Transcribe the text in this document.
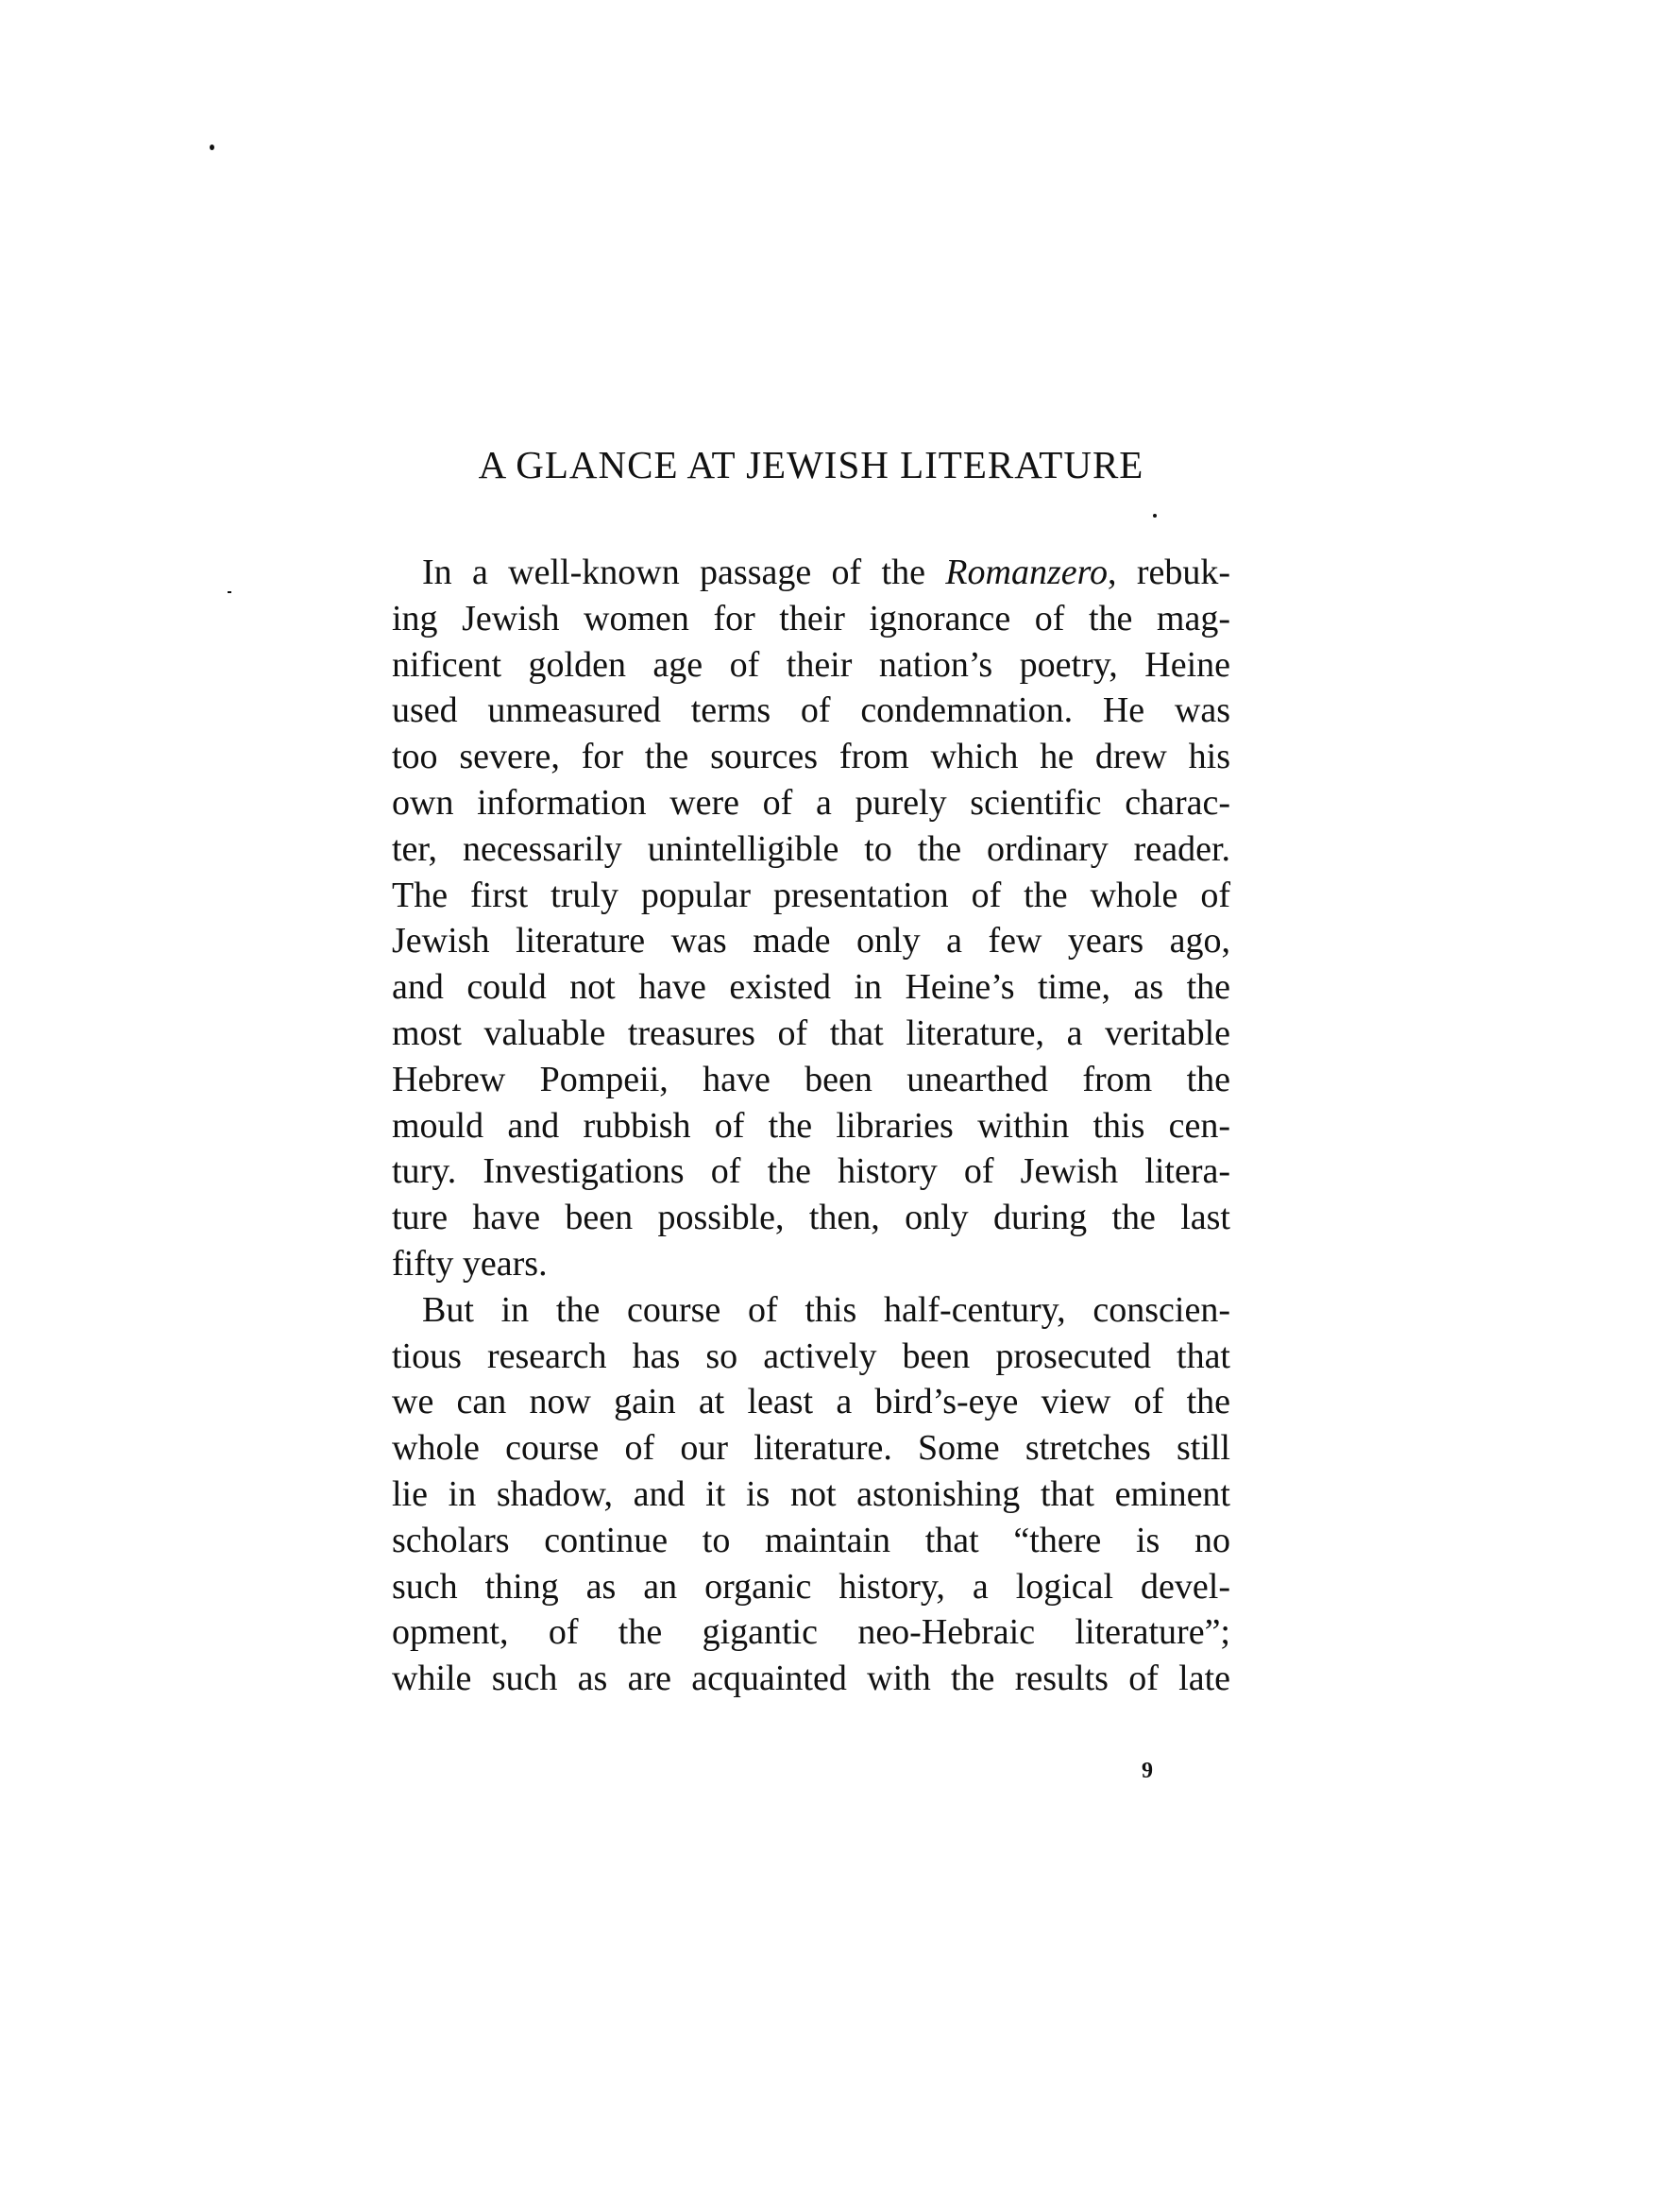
A GLANCE AT JEWISH LITERATURE
In a well-known passage of the Romanzero, rebuk-
ing Jewish women for their ignorance of the mag-
nificent golden age of their nation’s poetry, Heine
used unmeasured terms of condemnation. He was
too severe, for the sources from which he drew his
own information were of a purely scientific charac-
ter, necessarily unintelligible to the ordinary reader.
The first truly popular presentation of the whole of
Jewish literature was made only a few years ago,
and could not have existed in Heine’s time, as the
most valuable treasures of that literature, a veritable
Hebrew Pompeii, have been unearthed from the
mould and rubbish of the libraries within this cen-
tury. Investigations of the history of Jewish litera-
ture have been possible, then, only during the last
fifty years.
But in the course of this half-century, conscien-
tious research has so actively been prosecuted that
we can now gain at least a bird’s-eye view of the
whole course of our literature. Some stretches still
lie in shadow, and it is not astonishing that eminent
scholars continue to maintain that “there is no
such thing as an organic history, a logical devel-
opment, of the gigantic neo-Hebraic literature”;
while such as are acquainted with the results of late
9
